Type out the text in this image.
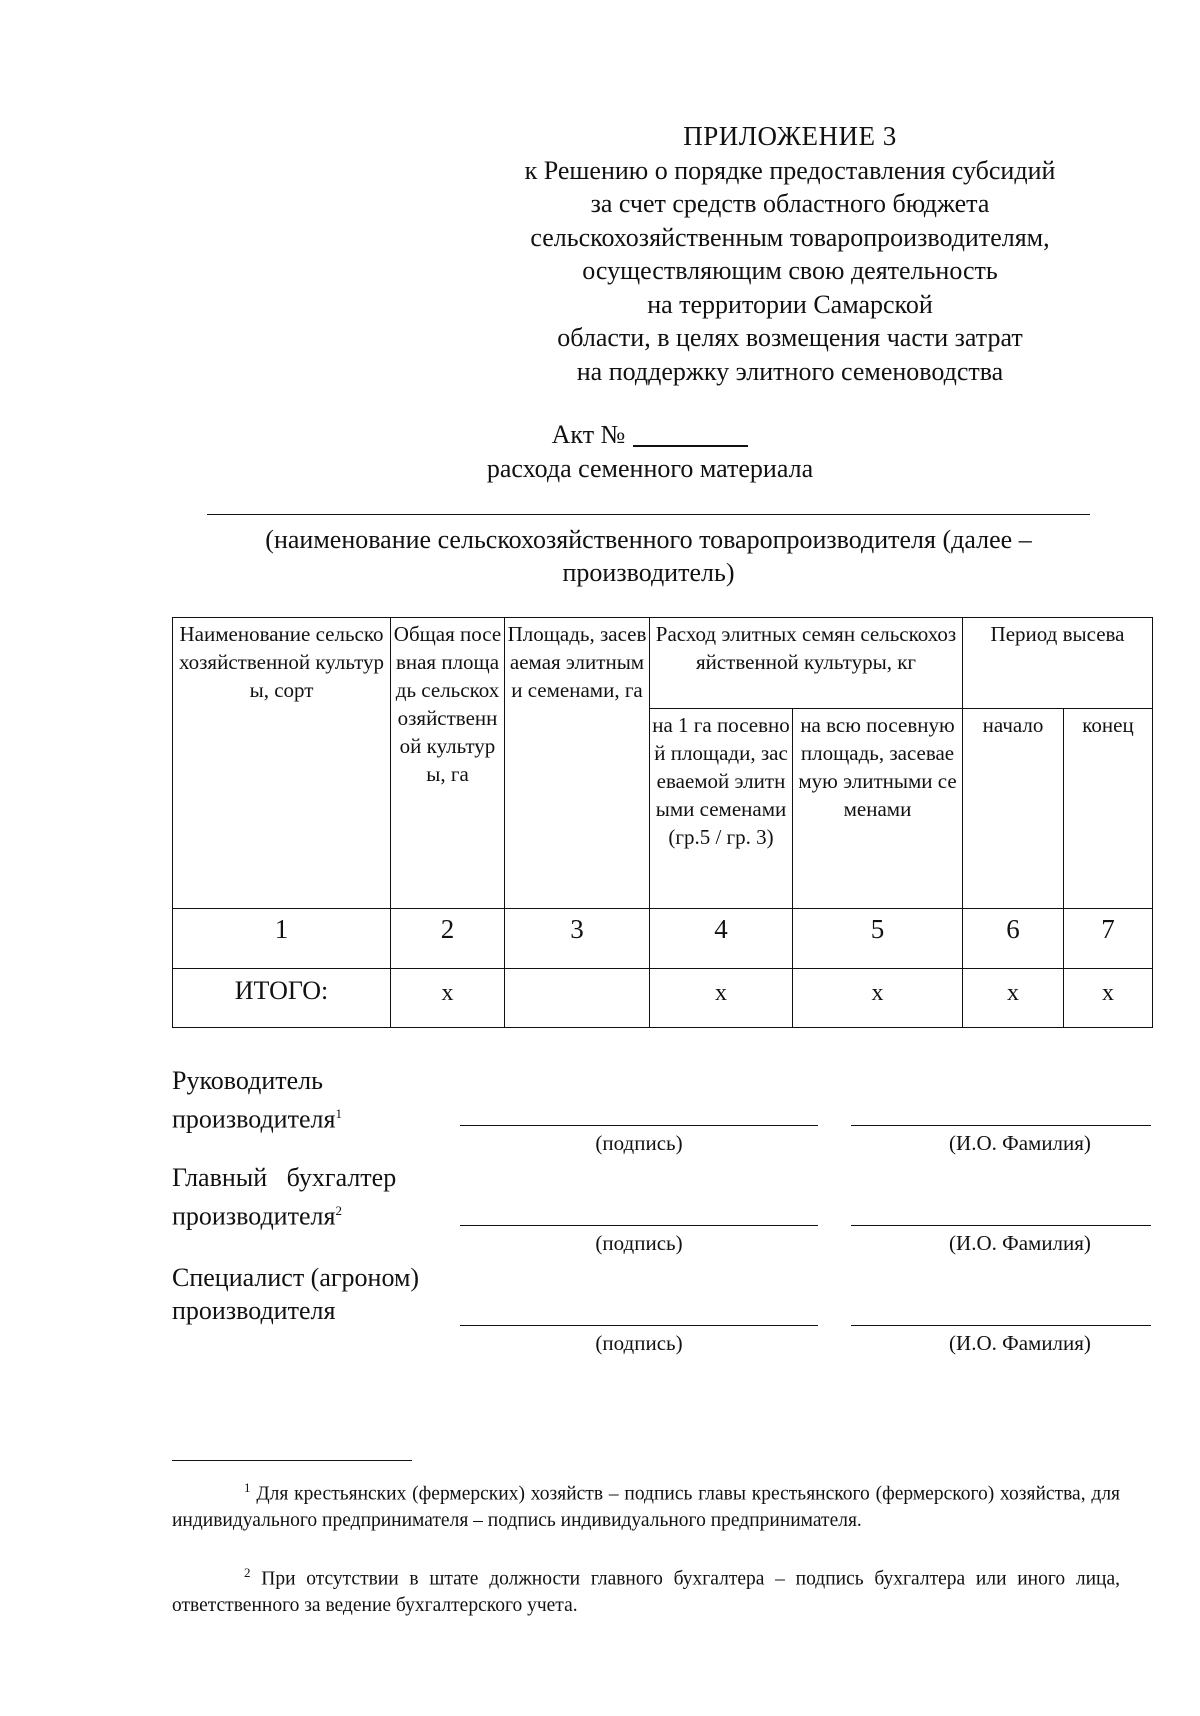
ПРИЛОЖЕНИЕ 3
к Решению о порядке предоставления субсидий
за счет средств областного бюджета
сельскохозяйственным товаропроизводителям,
осуществляющим свою деятельность
на территории Самарской
области, в целях возмещения части затрат
на поддержку элитного семеноводства
Акт №
расхода семенного материала
(наименование сельскохозяйственного товаропроизводителя (далее – производитель)
Наименование сельскохозяйственной культуры, сорт	Общая посевная площадь сельскохозяйственной культуры, га	Площадь, засеваемая элитными семенами, га	Расход элитных семян сельскохозяйственной культуры, кг		Период высева	
			на 1 га посевной площади, засеваемой элитными семенами (гр.5 / гр. 3)	на всю посевную площадь, засеваемую элитными семенами	начало	конец
1	2	3	4	5	6	7
ИТОГО:	х		х	х	х	х
Руководитель
производителя$^1$
(подпись)	(И.О. Фамилия)
Главный   бухгалтер
производителя$^2$
(подпись)	(И.О. Фамилия)
Специалист (агроном)
производителя
(подпись)	(И.О. Фамилия)
$^1$ Для крестьянских (фермерских) хозяйств – подпись главы крестьянского (фермерского) хозяйства, для индивидуального предпринимателя – подпись индивидуального предпринимателя.
$^2$ При отсутствии в штате должности главного бухгалтера – подпись бухгалтера или иного лица, ответственного за ведение бухгалтерского учета.
